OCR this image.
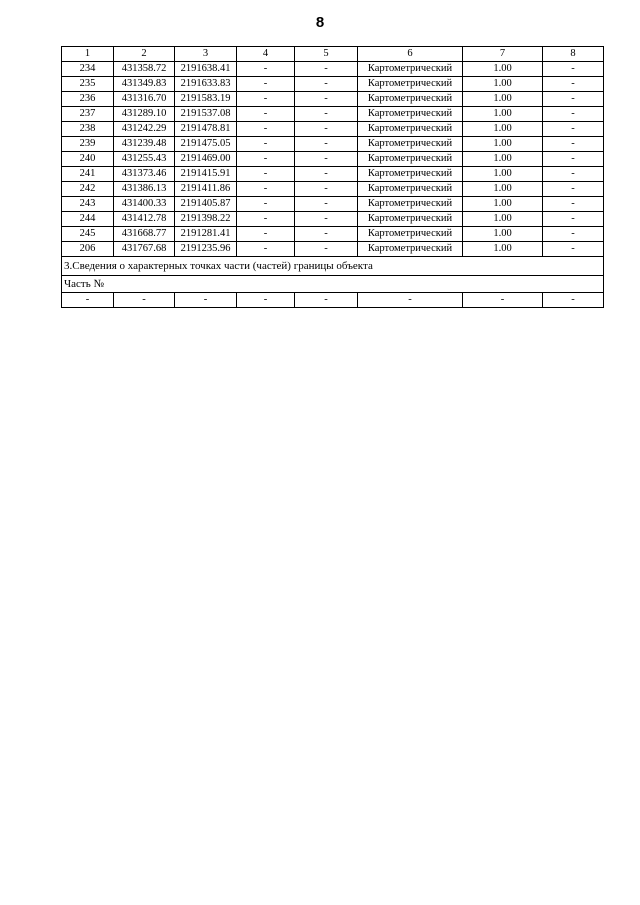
8
1	2	3	4	5	6	7	8
234	431358.72	2191638.41	-	-	Картометрический	1.00	-
235	431349.83	2191633.83	-	-	Картометрический	1.00	-
236	431316.70	2191583.19	-	-	Картометрический	1.00	-
237	431289.10	2191537.08	-	-	Картометрический	1.00	-
238	431242.29	2191478.81	-	-	Картометрический	1.00	-
239	431239.48	2191475.05	-	-	Картометрический	1.00	-
240	431255.43	2191469.00	-	-	Картометрический	1.00	-
241	431373.46	2191415.91	-	-	Картометрический	1.00	-
242	431386.13	2191411.86	-	-	Картометрический	1.00	-
243	431400.33	2191405.87	-	-	Картометрический	1.00	-
244	431412.78	2191398.22	-	-	Картометрический	1.00	-
245	431668.77	2191281.41	-	-	Картометрический	1.00	-
206	431767.68	2191235.96	-	-	Картометрический	1.00	-
3.Сведения о характерных точках части (частей) границы объекта							
Часть №							
-	-	-	-	-	-	-	-
